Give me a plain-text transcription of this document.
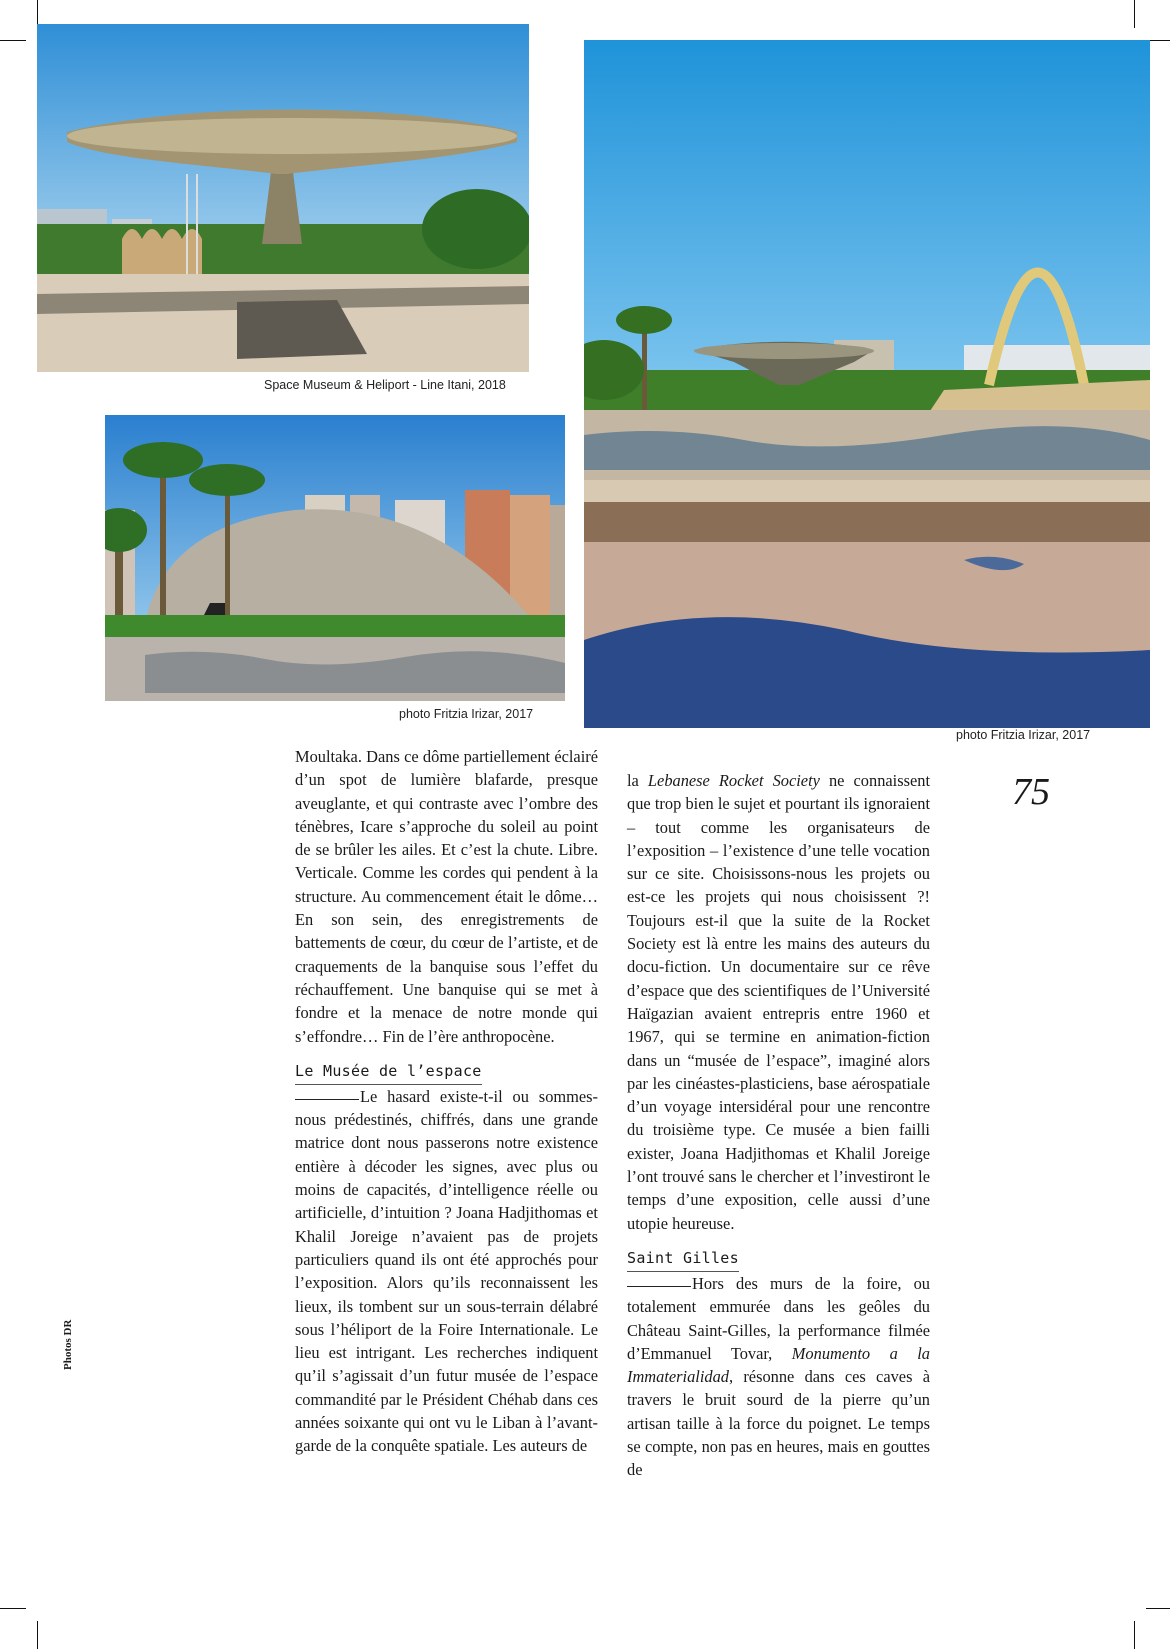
Space Museum & Heliport - Line Itani, 2018
photo Fritzia Irizar, 2017
photo Fritzia Irizar, 2017
Photos DR
75

Moultaka. Dans ce dôme partiellement éclairé d’un spot de lumière blafarde, presque aveuglante, et qui contraste avec l’ombre des ténèbres, Icare s’approche du soleil au point de se brûler les ailes. Et c’est la chute. Libre. Verticale. Comme les cordes qui pendent à la structure. Au commencement était le dôme… En son sein, des enregistrements de battements de cœur, du cœur de l’artiste, et de craquements de la banquise sous l’effet du réchauffement. Une banquise qui se met à fondre et la menace de notre monde qui s’effondre… Fin de l’ère anthropocène.

Le Musée de l’espace

Le hasard existe-t-il ou sommes-nous prédestinés, chiffrés, dans une grande matrice dont nous passerons notre existence entière à décoder les signes, avec plus ou moins de capacités, d’intelligence réelle ou artificielle, d’intuition ? Joana Hadjithomas et Khalil Joreige n’avaient pas de projets particuliers quand ils ont été approchés pour l’exposition. Alors qu’ils reconnaissent les lieux, ils tombent sur un sous-terrain délabré sous l’héliport de la Foire Internationale. Le lieu est intrigant. Les recherches indiquent qu’il s’agissait d’un futur musée de l’espace commandité par le Président Chéhab dans ces années soixante qui ont vu le Liban à l’avant-garde de la conquête spatiale. Les auteurs de

la Lebanese Rocket Society ne connaissent que trop bien le sujet et pourtant ils ignoraient – tout comme les organisateurs de l’exposition – l’existence d’une telle vocation sur ce site. Choisissons-nous les projets ou est-ce les projets qui nous choisissent ?! Toujours est-il que la suite de la Rocket Society est là entre les mains des auteurs du docu-fiction. Un documentaire sur ce rêve d’espace que des scientifiques de l’Université Haïgazian avaient entrepris entre 1960 et 1967, qui se termine en animation-fiction dans un “musée de l’espace”, imaginé alors par les cinéastes-plasticiens, base aérospatiale d’un voyage intersidéral pour une rencontre du troisième type. Ce musée a bien failli exister, Joana Hadjithomas et Khalil Joreige l’ont trouvé sans le chercher et l’investiront le temps d’une exposition, celle aussi d’une utopie heureuse.

Saint Gilles

Hors des murs de la foire, ou totalement emmurée dans les geôles du Château Saint-Gilles, la performance filmée d’Emmanuel Tovar, Monumento a la Immaterialidad, résonne dans ces caves à travers le bruit sourd de la pierre qu’un artisan taille à la force du poignet. Le temps se compte, non pas en heures, mais en gouttes de
